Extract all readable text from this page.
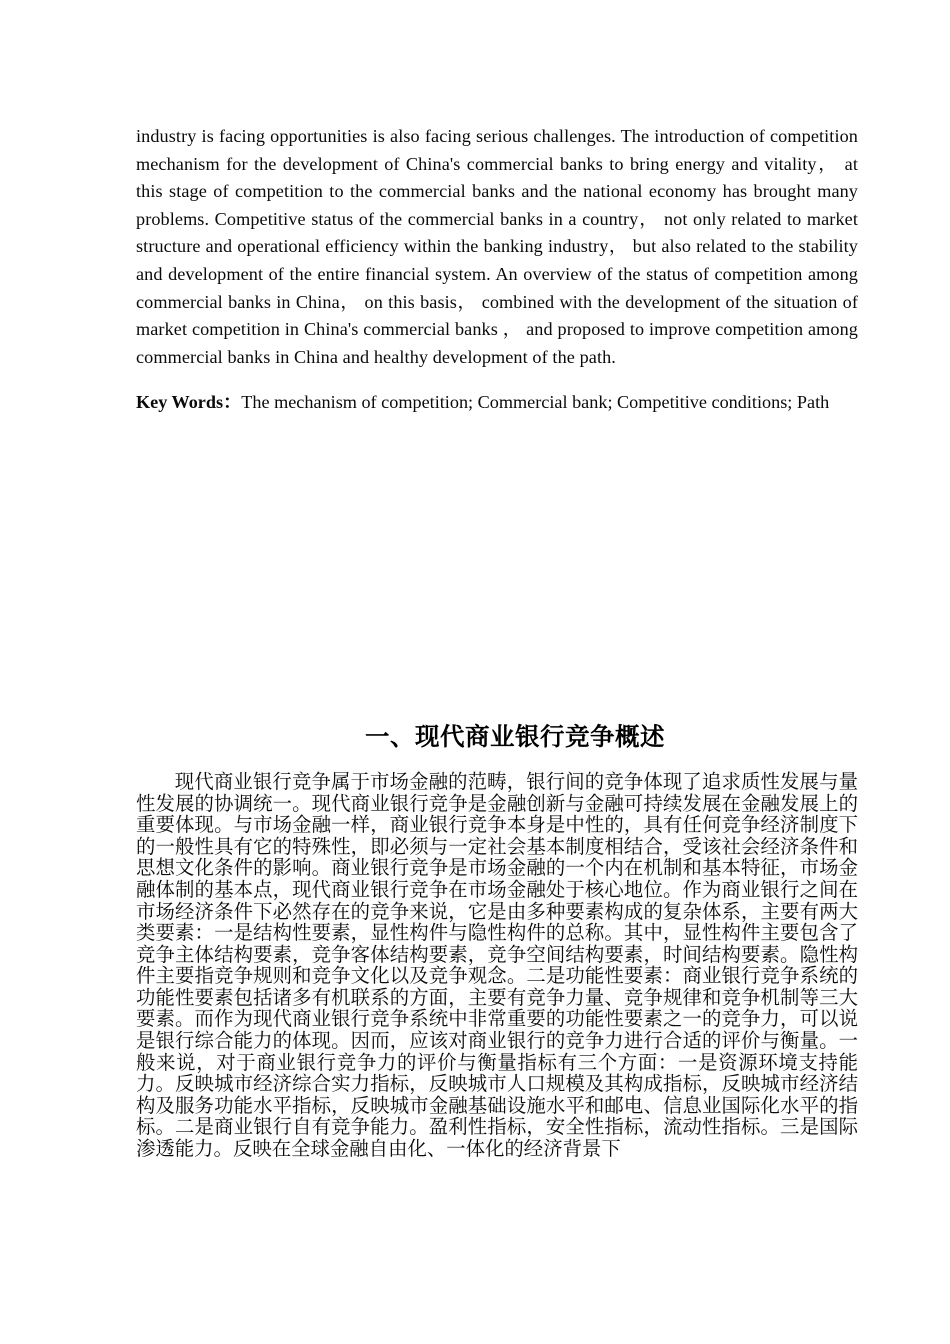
industry is facing opportunities is also facing serious challenges. The introduction of competition mechanism for the development of China's commercial banks to bring energy and vitality， at this stage of competition to the commercial banks and the national economy has brought many problems. Competitive status of the commercial banks in a country， not only related to market structure and operational efficiency within the banking industry， but also related to the stability and development of the entire financial system. An overview of the status of competition among commercial banks in China， on this basis， combined with the development of the situation of market competition in China's commercial banks ， and proposed to improve competition among commercial banks in China and healthy development of the path.

Key Words：The mechanism of competition; Commercial bank; Competitive conditions; Path

一、现代商业银行竞争概述

现代商业银行竞争属于市场金融的范畴，银行间的竞争体现了追求质性发展与量性发展的协调统一。现代商业银行竞争是金融创新与金融可持续发展在金融发展上的重要体现。与市场金融一样，商业银行竞争本身是中性的，具有任何竞争经济制度下的一般性具有它的特殊性，即必须与一定社会基本制度相结合，受该社会经济条件和思想文化条件的影响。商业银行竞争是市场金融的一个内在机制和基本特征，市场金融体制的基本点，现代商业银行竞争在市场金融处于核心地位。作为商业银行之间在市场经济条件下必然存在的竞争来说，它是由多种要素构成的复杂体系，主要有两大类要素：一是结构性要素，显性构件与隐性构件的总称。其中，显性构件主要包含了竞争主体结构要素，竞争客体结构要素，竞争空间结构要素，时间结构要素。隐性构件主要指竞争规则和竞争文化以及竞争观念。二是功能性要素：商业银行竞争系统的功能性要素包括诸多有机联系的方面，主要有竞争力量、竞争规律和竞争机制等三大要素。而作为现代商业银行竞争系统中非常重要的功能性要素之一的竞争力，可以说是银行综合能力的体现。因而，应该对商业银行的竞争力进行合适的评价与衡量。一般来说，对于商业银行竞争力的评价与衡量指标有三个方面：一是资源环境支持能力。反映城市经济综合实力指标，反映城市人口规模及其构成指标，反映城市经济结构及服务功能水平指标，反映城市金融基础设施水平和邮电、信息业国际化水平的指标。二是商业银行自有竞争能力。盈利性指标，安全性指标，流动性指标。三是国际渗透能力。反映在全球金融自由化、一体化的经济背景下
